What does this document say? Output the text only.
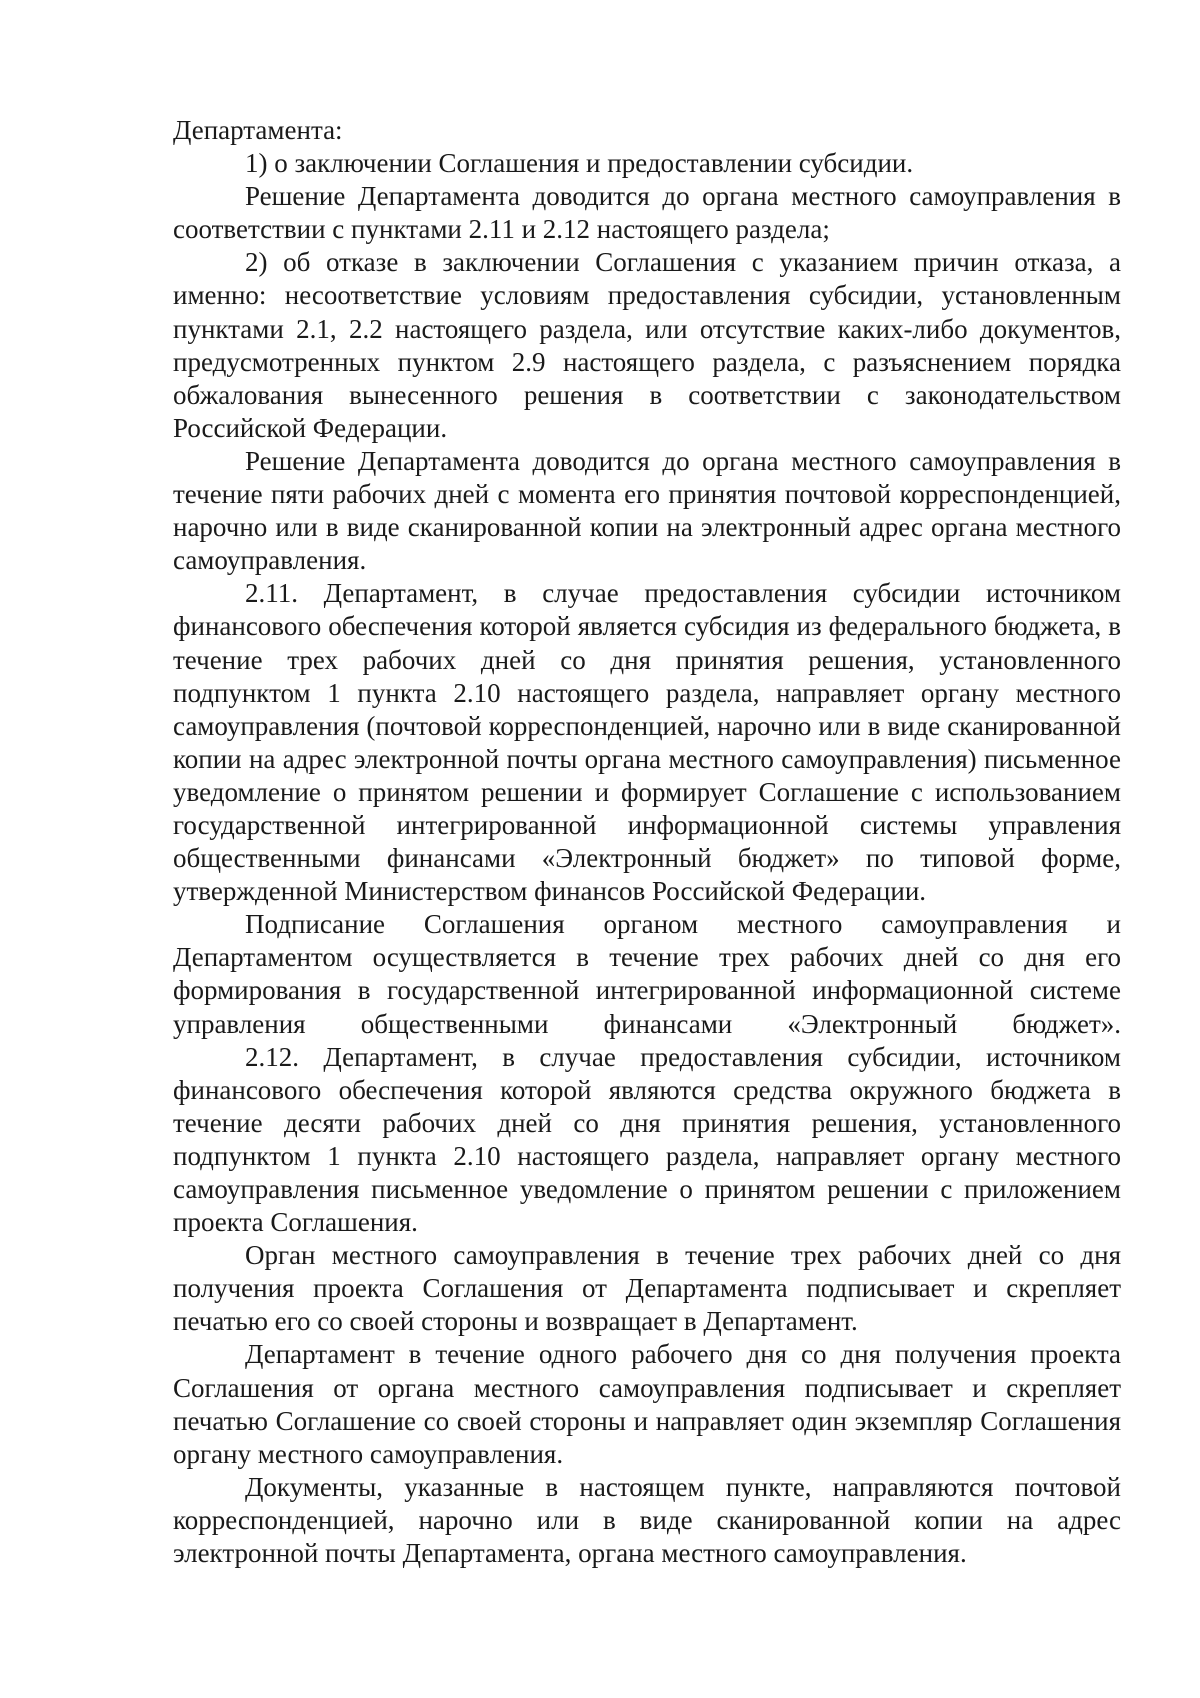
Департамента:

1) о заключении Соглашения и предоставлении субсидии.

Решение Департамента доводится до органа местного самоуправления в соответствии с пунктами 2.11 и 2.12 настоящего раздела;

2) об отказе в заключении Соглашения с указанием причин отказа, а именно: несоответствие условиям предоставления субсидии, установленным пунктами 2.1, 2.2 настоящего раздела, или отсутствие каких-либо документов, предусмотренных пунктом 2.9 настоящего раздела, с разъяснением порядка обжалования вынесенного решения в соответствии с законодательством Российской Федерации.

Решение Департамента доводится до органа местного самоуправления в течение пяти рабочих дней с момента его принятия почтовой корреспонденцией, нарочно или в виде сканированной копии на электронный адрес органа местного самоуправления.

2.11. Департамент, в случае предоставления субсидии источником финансового обеспечения которой является субсидия из федерального бюджета, в течение трех рабочих дней со дня принятия решения, установленного подпунктом 1 пункта 2.10 настоящего раздела, направляет органу местного самоуправления (почтовой корреспонденцией, нарочно или в виде сканированной копии на адрес электронной почты органа местного самоуправления) письменное уведомление о принятом решении и формирует Соглашение с использованием государственной интегрированной информационной системы управления общественными финансами «Электронный бюджет» по типовой форме, утвержденной Министерством финансов Российской Федерации.

Подписание Соглашения органом местного самоуправления и Департаментом осуществляется в течение трех рабочих дней со дня его формирования в государственной интегрированной информационной системе управления общественными финансами «Электронный бюджет».

2.12. Департамент, в случае предоставления субсидии, источником финансового обеспечения которой являются средства окружного бюджета в течение десяти рабочих дней со дня принятия решения, установленного подпунктом 1 пункта 2.10 настоящего раздела, направляет органу местного самоуправления письменное уведомление о принятом решении с приложением проекта Соглашения.

Орган местного самоуправления в течение трех рабочих дней со дня получения проекта Соглашения от Департамента подписывает и скрепляет печатью его со своей стороны и возвращает в Департамент.

Департамент в течение одного рабочего дня со дня получения проекта Соглашения от органа местного самоуправления подписывает и скрепляет печатью Соглашение со своей стороны и направляет один экземпляр Соглашения органу местного самоуправления.

Документы, указанные в настоящем пункте, направляются почтовой корреспонденцией, нарочно или в виде сканированной копии на адрес электронной почты Департамента, органа местного самоуправления.
